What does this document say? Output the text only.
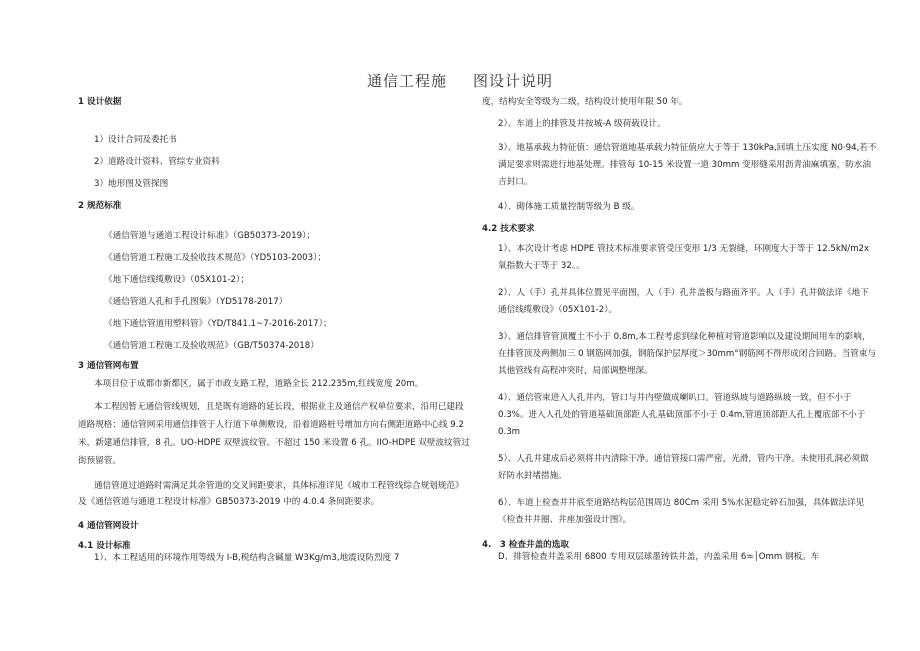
通信工程施 图设计说明
1 设计依据
1）设计合同及委托书
2）道路设计资料、管综专业资料
3）地形图及管探图
2 规范标准
《通信管道与通道工程设计标准》（GB50373-2019）；
《通信管道工程施工及验收技术规范》（YD5103-2003）；
《地下通信线缆敷设》（05X101-2）；
《通信管道人孔和手孔图集》（YD5178-2017）
《地下通信管道用塑料管》（YD/T841.1~7-2016-2017）；
《通信管道工程施工及验收规范》（GB/T50374-2018）
3 通信管网布置
本项目位于成都市新都区，属于市政支路工程，道路全长 212.235m,红线宽度 20m。
本工程因暂无通信管线规划，且是既有道路的延长段，根据业主及通信产权单位要求，沿用已建段道路规格：通信管网采用通信排管于人行道下单侧敷设，沿着道路桩号增加方向右侧距道路中心线 9.2 米，新建通信排管，8 孔。UO-HDPE 双壁波纹管。不超过 150 米设置 6 孔。IIO-HDPE 双壁波纹管过街预留管。
通信管道过道路时需满足其余管道的交叉间距要求，具体标准详见《城市工程管线综合规划规范》及《通信管道与通道工程设计标准》GB50373-2019 中的 4.0.4 条间距要求。
4 通信管网设计
4.1 设计标准
1）、本工程适用的环境作用等级为 I-B,税结构含碱量 W3Kg/m3,地震设防烈度 7
度，结构安全等级为二级，结构设计使用年限 50 年。
2）、车道上的排管及井按城-A 级荷载设计。
3）、地基承载力特征值：通信管道地基承载力特征值应大于等于 130kPa,回填土压实度 N0·94,若不满足要求则需进行地基处理。排管每 10-15 米设置一道 30mm 变形缝采用沥青油麻填塞，防水油吉封口。
4）、砌体施工质量控制等级为 B 级。
4.2 技术要求
1）、本次设计考虑 HDPE 管技术标准要求管受压变形 1/3 无裂缝，环刚度大于等于 12.5kN/m2x 氧指数大于等于 32。。
2）、人（手）孔井具体位置见平面图，人（手）孔井盖板与路面齐平。人（手）孔井做法详《地下通信线缆敷设》（05X101-2）。
3）、通信排管管顶覆土不小于 0.8m,本工程考虑到绿化种植对管道影响以及建设期间用车的影响，在排管顶及两侧加三 0 钢筋网加强，钢筋保护层厚度＞30mm°钢筋网不得形成闭合回路。当管束与其他管线有高程冲突时，局部调整埋深。
4）、通信管束进入人孔井内，管口与井内壁做成喇叭口。管道纵坡与道路纵坡一致，但不小于 0.3%。进入人孔处的管道基础顶部距人孔基础顶部不小于 0.4m,管道顶部距人孔上覆底部不小于 0.3m
5）、人孔井建成后必须将井内清除干净。通信管接口需严密，光滑，管内干净。未使用孔洞必须做好防水封堵措施。
6）、车道上检查井井底至道路结构层范围周边 80Cm 采用 5%水泥稳定碎石加强，具体做法详见《检查井井圈、井座加强设计图》。
4.　3 检查井盖的选取
D、排管检查井盖采用 6800 专用双层球墨铸铁井盖，内盖采用 6=│Omm 钢板。车
